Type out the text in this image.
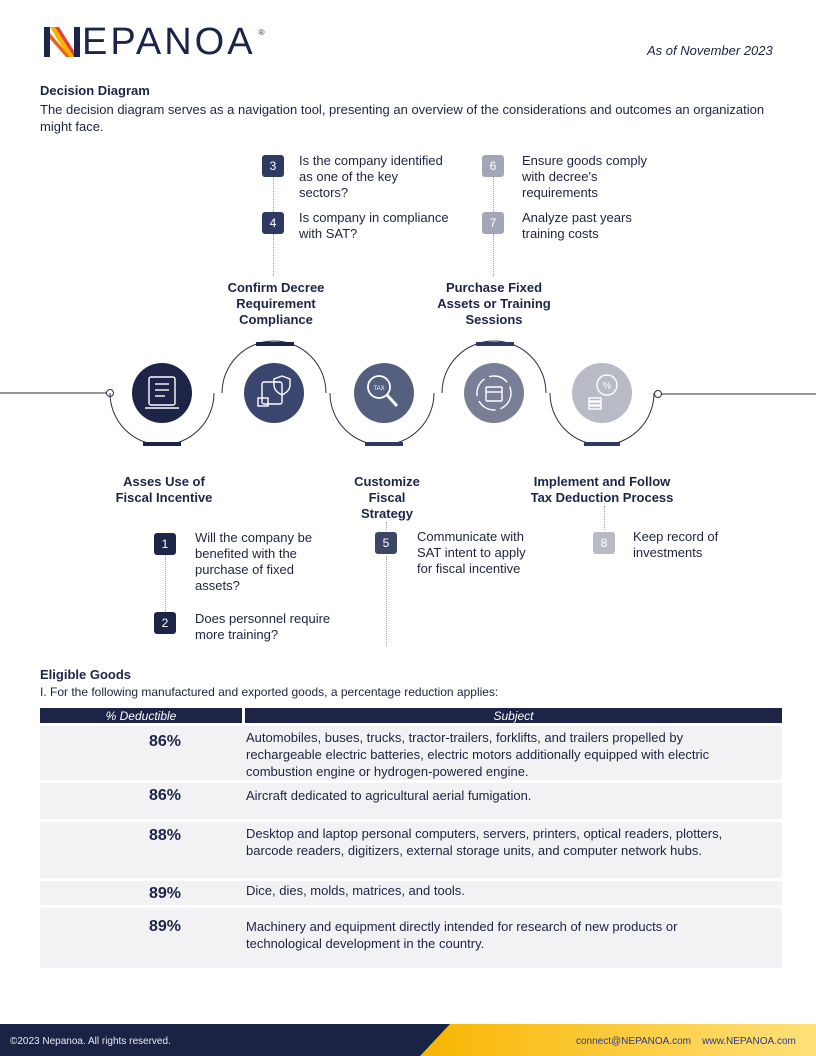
EPANOA ®
As of November 2023
Decision Diagram
The decision diagram serves as a navigation tool, presenting an overview of the considerations and outcomes an organization might face.
TAX	%
Asses Use of Fiscal Incentive
Confirm Decree Requirement Compliance
Customize Fiscal Strategy
Purchase Fixed Assets or Training Sessions
Implement and Follow Tax Deduction Process
3	Is the company identified as one of the key sectors?
4	Is company in compliance with SAT?
6	Ensure goods comply with decree's requirements
7	Analyze past years training costs
1	Will the company be benefited with the purchase of fixed assets?
2	Does personnel require more training?
5	Communicate with SAT intent to apply for fiscal incentive
8	Keep record of investments
Eligible Goods
I. For the following manufactured and exported goods, a percentage reduction applies:
% Deductible	Subject
86%	Automobiles, buses, trucks, tractor-trailers, forklifts, and trailers propelled by rechargeable electric batteries, electric motors additionally equipped with electric combustion engine or hydrogen-powered engine.
86%	Aircraft dedicated to agricultural aerial fumigation.
88%	Desktop and laptop personal computers, servers, printers, optical readers, plotters, barcode readers, digitizers, external storage units, and computer network hubs.
89%	Dice, dies, molds, matrices, and tools.
89%	Machinery and equipment directly intended for research of new products or technological development in the country.
©2023 Nepanoa. All rights reserved.	connect@NEPANOA.com www.NEPANOA.com
